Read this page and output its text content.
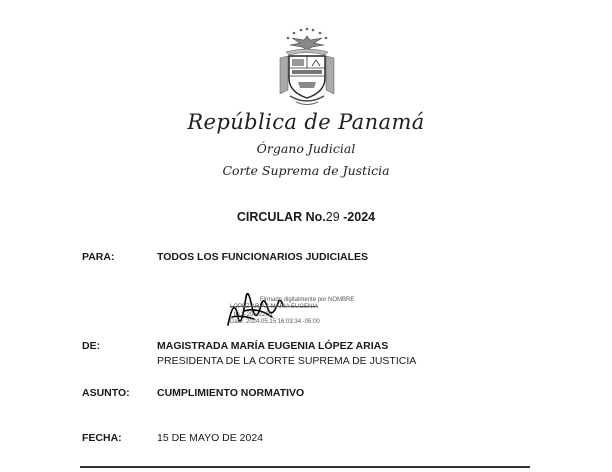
República de Panamá
Órgano Judicial
Corte Suprema de Justicia
CIRCULAR No.29 -2024
PARA:	TODOS LOS FUNCIONARIOS JUDICIALES
Firmado digitalmente por NOMBRE
LOPEZ ARIAS MARIA EUGENIA
- ID 8-206-2205
Date: 2024.05.15 16:03:34 -05:00
DE:	MAGISTRADA MARÍA EUGENIA LÓPEZ ARIAS
PRESIDENTA DE LA CORTE SUPREMA DE JUSTICIA
ASUNTO:	CUMPLIMIENTO NORMATIVO
FECHA:	15 DE MAYO DE 2024
